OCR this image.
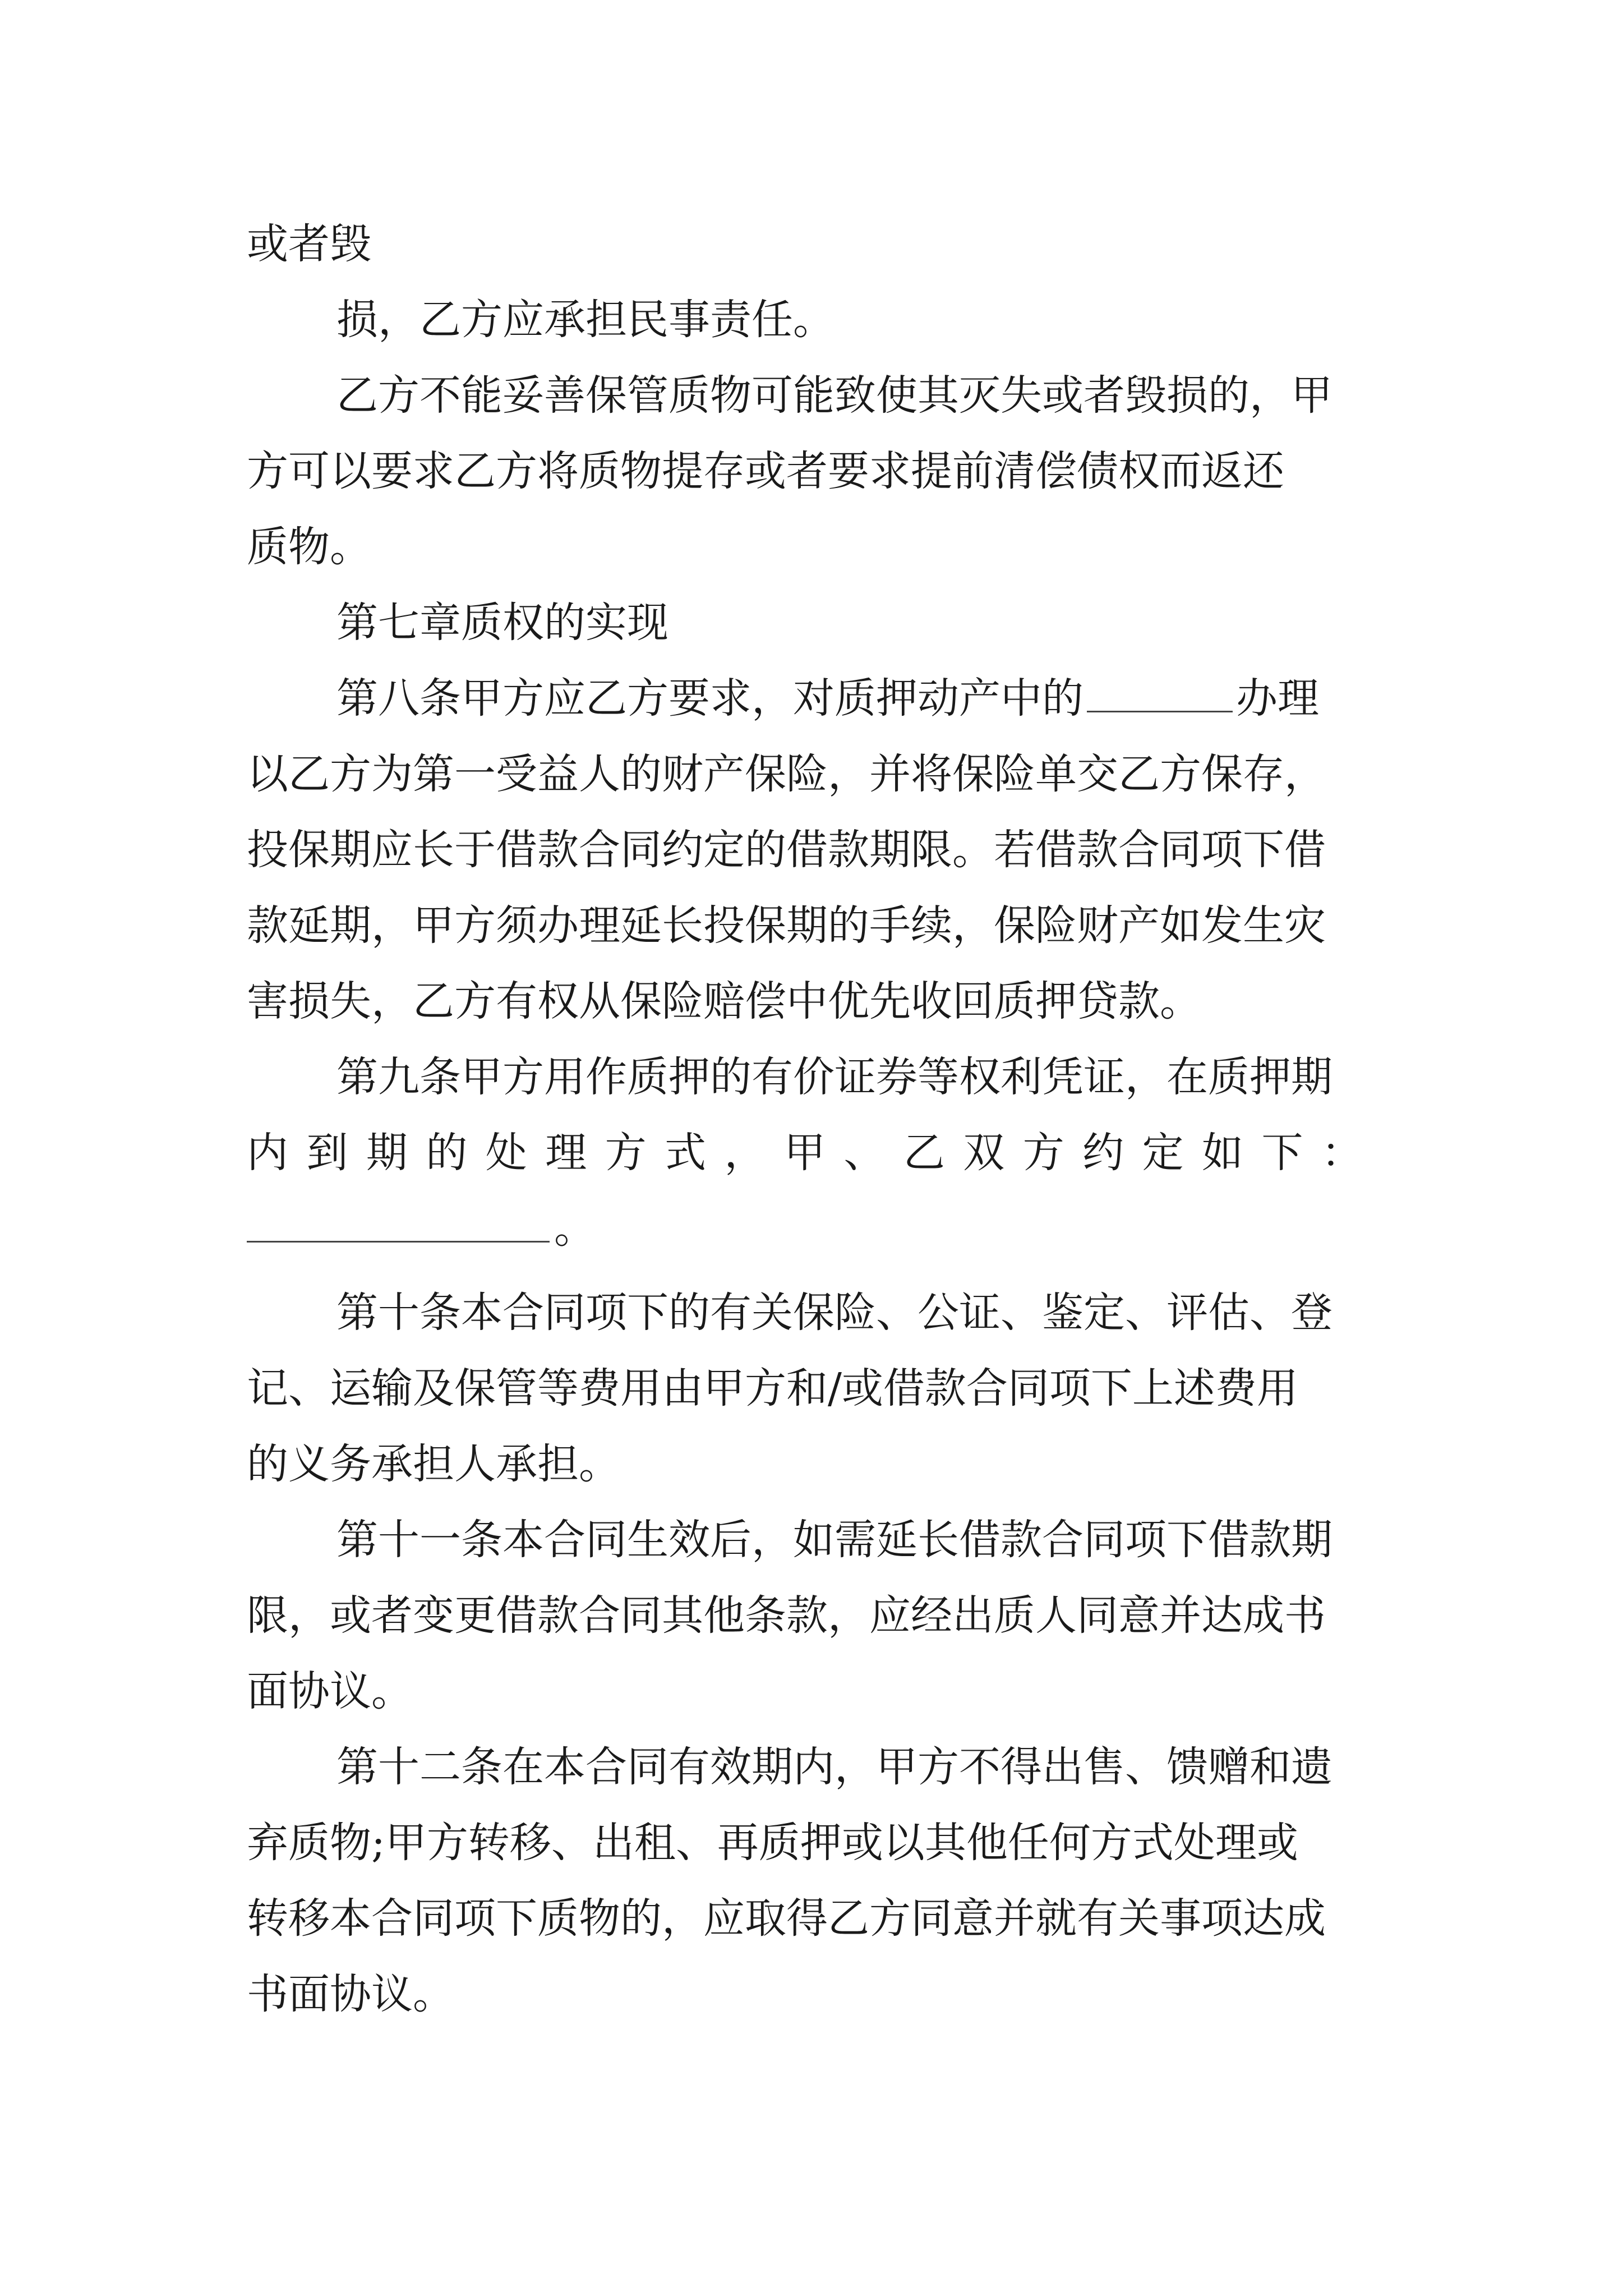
或者毁
损，乙方应承担民事责任。
乙方不能妥善保管质物可能致使其灭失或者毁损的，甲
方可以要求乙方将质物提存或者要求提前清偿债权而返还
质物。
第七章质权的实现
第八条甲方应乙方要求，对质押动产中的	办理
以乙方为第一受益人的财产保险，并将保险单交乙方保存，
投保期应长于借款合同约定的借款期限。若借款合同项下借
款延期，甲方须办理延长投保期的手续，保险财产如发生灾
害损失，乙方有权从保险赔偿中优先收回质押贷款。
第九条甲方用作质押的有价证券等权利凭证，在质押期
内 到 期 的 处 理 方 式 ， 甲 、 乙 双 方 约 定 如 下 ：
。
第十条本合同项下的有关保险、公证、鉴定、评估、登
记、运输及保管等费用由甲方和/或借款合同项下上述费用
的义务承担人承担。
第十一条本合同生效后，如需延长借款合同项下借款期
限，或者变更借款合同其他条款，应经出质人同意并达成书
面协议。
第十二条在本合同有效期内，甲方不得出售、馈赠和遗
弃质物;甲方转移、出租、再质押或以其他任何方式处理或
转移本合同项下质物的，应取得乙方同意并就有关事项达成
书面协议。
